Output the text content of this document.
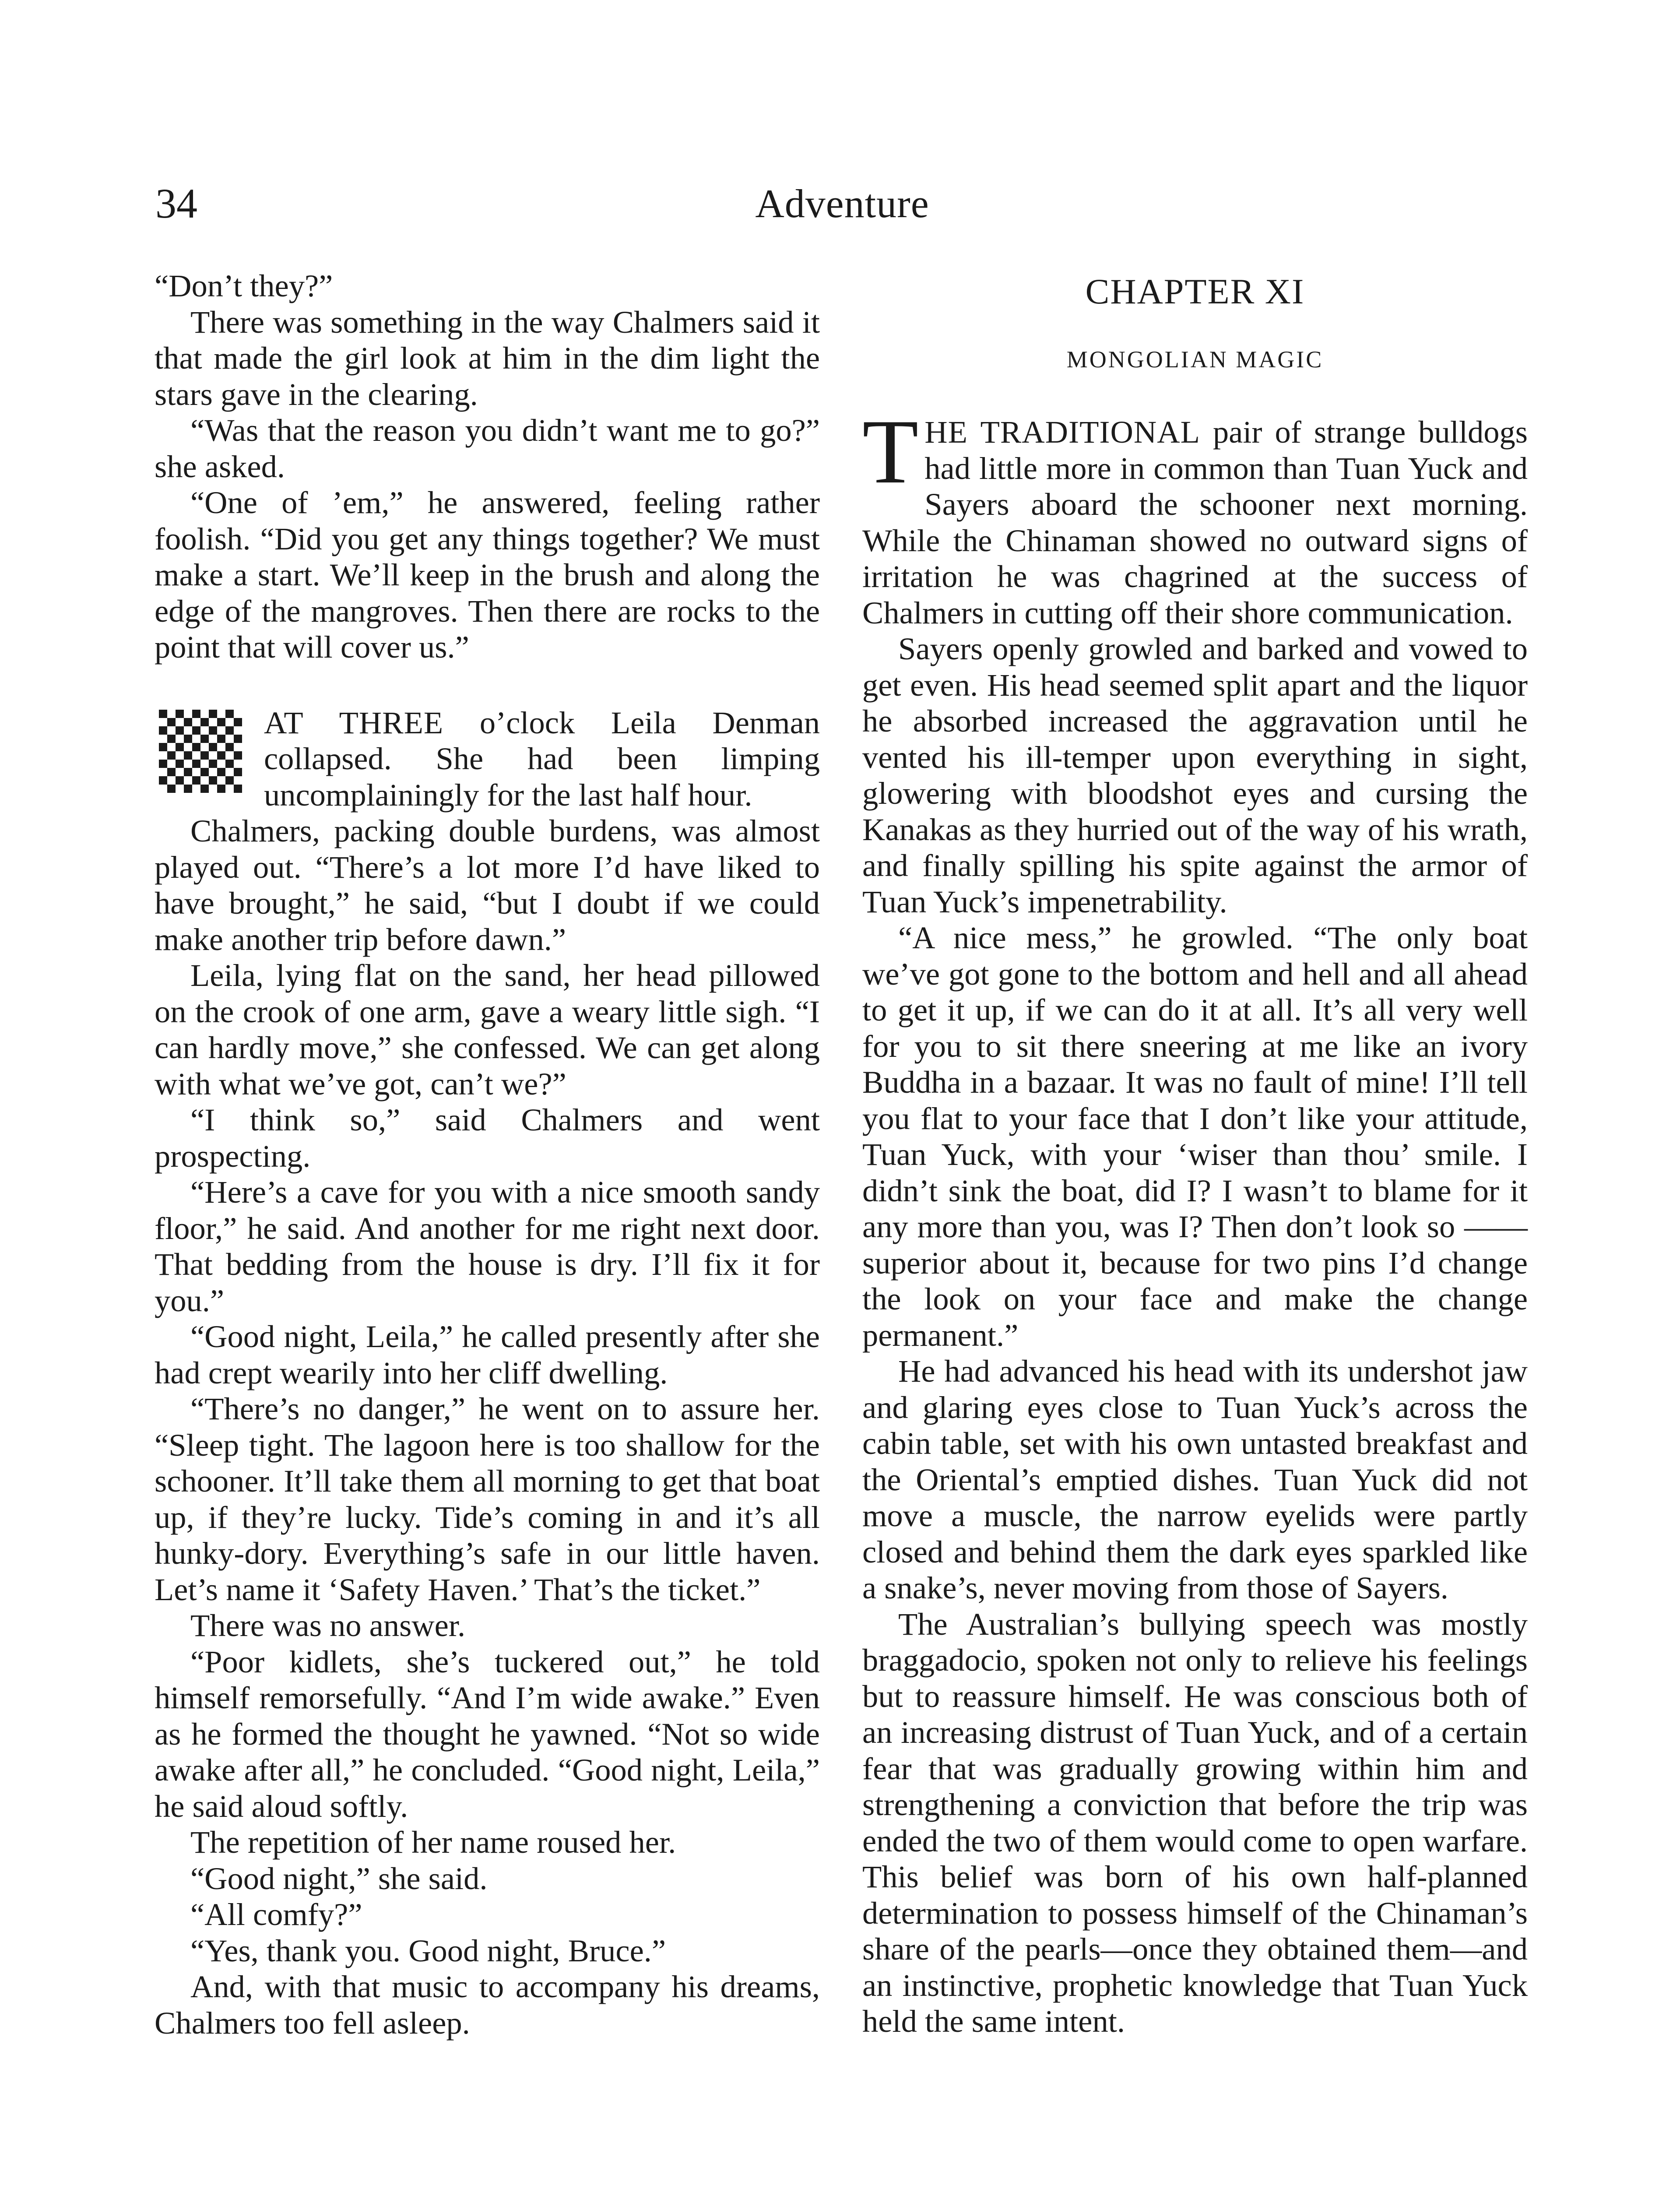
34	Adventure

“Don’t they?”

There was something in the way Chalmers said it that made the girl look at him in the dim light the stars gave in the clearing.

“Was that the reason you didn’t want me to go?” she asked.

“One of ’em,” he answered, feeling rather foolish. “Did you get any things together? We must make a start. We’ll keep in the brush and along the edge of the mangroves. Then there are rocks to the point that will cover us.”

AT THREE o’clock Leila Denman collapsed. She had been limping uncomplainingly for the last half hour.

Chalmers, packing double burdens, was almost played out. “There’s a lot more I’d have liked to have brought,” he said, “but I doubt if we could make another trip before dawn.”

Leila, lying flat on the sand, her head pillowed on the crook of one arm, gave a weary little sigh. “I can hardly move,” she confessed. We can get along with what we’ve got, can’t we?”

“I think so,” said Chalmers and went prospecting.

“Here’s a cave for you with a nice smooth sandy floor,” he said. And another for me right next door. That bedding from the house is dry. I’ll fix it for you.”

“Good night, Leila,” he called presently after she had crept wearily into her cliff dwelling.

“There’s no danger,” he went on to assure her. “Sleep tight. The lagoon here is too shallow for the schooner. It’ll take them all morning to get that boat up, if they’re lucky. Tide’s coming in and it’s all hunky-dory. Everything’s safe in our little haven. Let’s name it ‘Safety Haven.’ That’s the ticket.”

There was no answer.

“Poor kidlets, she’s tuckered out,” he told himself remorsefully. “And I’m wide awake.” Even as he formed the thought he yawned. “Not so wide awake after all,” he concluded. “Good night, Leila,” he said aloud softly.

The repetition of her name roused her.

“Good night,” she said.

“All comfy?”

“Yes, thank you. Good night, Bruce.”

And, with that music to accompany his dreams, Chalmers too fell asleep.

CHAPTER XI
MONGOLIAN MAGIC

THE TRADITIONAL pair of strange bulldogs had little more in common than Tuan Yuck and Sayers aboard the schooner next morning. While the Chinaman showed no outward signs of irritation he was chagrined at the success of Chalmers in cutting off their shore communication.

Sayers openly growled and barked and vowed to get even. His head seemed split apart and the liquor he absorbed increased the aggravation until he vented his ill-temper upon everything in sight, glowering with bloodshot eyes and cursing the Kanakas as they hurried out of the way of his wrath, and finally spilling his spite against the armor of Tuan Yuck’s impenetrability.

“A nice mess,” he growled. “The only boat we’ve got gone to the bottom and hell and all ahead to get it up, if we can do it at all. It’s all very well for you to sit there sneering at me like an ivory Buddha in a bazaar. It was no fault of mine! I’ll tell you flat to your face that I don’t like your attitude, Tuan Yuck, with your ‘wiser than thou’ smile. I didn’t sink the boat, did I? I wasn’t to blame for it any more than you, was I? Then don’t look so —— superior about it, because for two pins I’d change the look on your face and make the change permanent.”

He had advanced his head with its undershot jaw and glaring eyes close to Tuan Yuck’s across the cabin table, set with his own untasted breakfast and the Oriental’s emptied dishes. Tuan Yuck did not move a muscle, the narrow eyelids were partly closed and behind them the dark eyes sparkled like a snake’s, never moving from those of Sayers.

The Australian’s bullying speech was mostly braggadocio, spoken not only to relieve his feelings but to reassure himself. He was conscious both of an increasing distrust of Tuan Yuck, and of a certain fear that was gradually growing within him and strengthening a conviction that before the trip was ended the two of them would come to open warfare. This belief was born of his own half-planned determination to possess himself of the Chinaman’s share of the pearls—once they obtained them—and an instinctive, prophetic knowledge that Tuan Yuck held the same intent.
